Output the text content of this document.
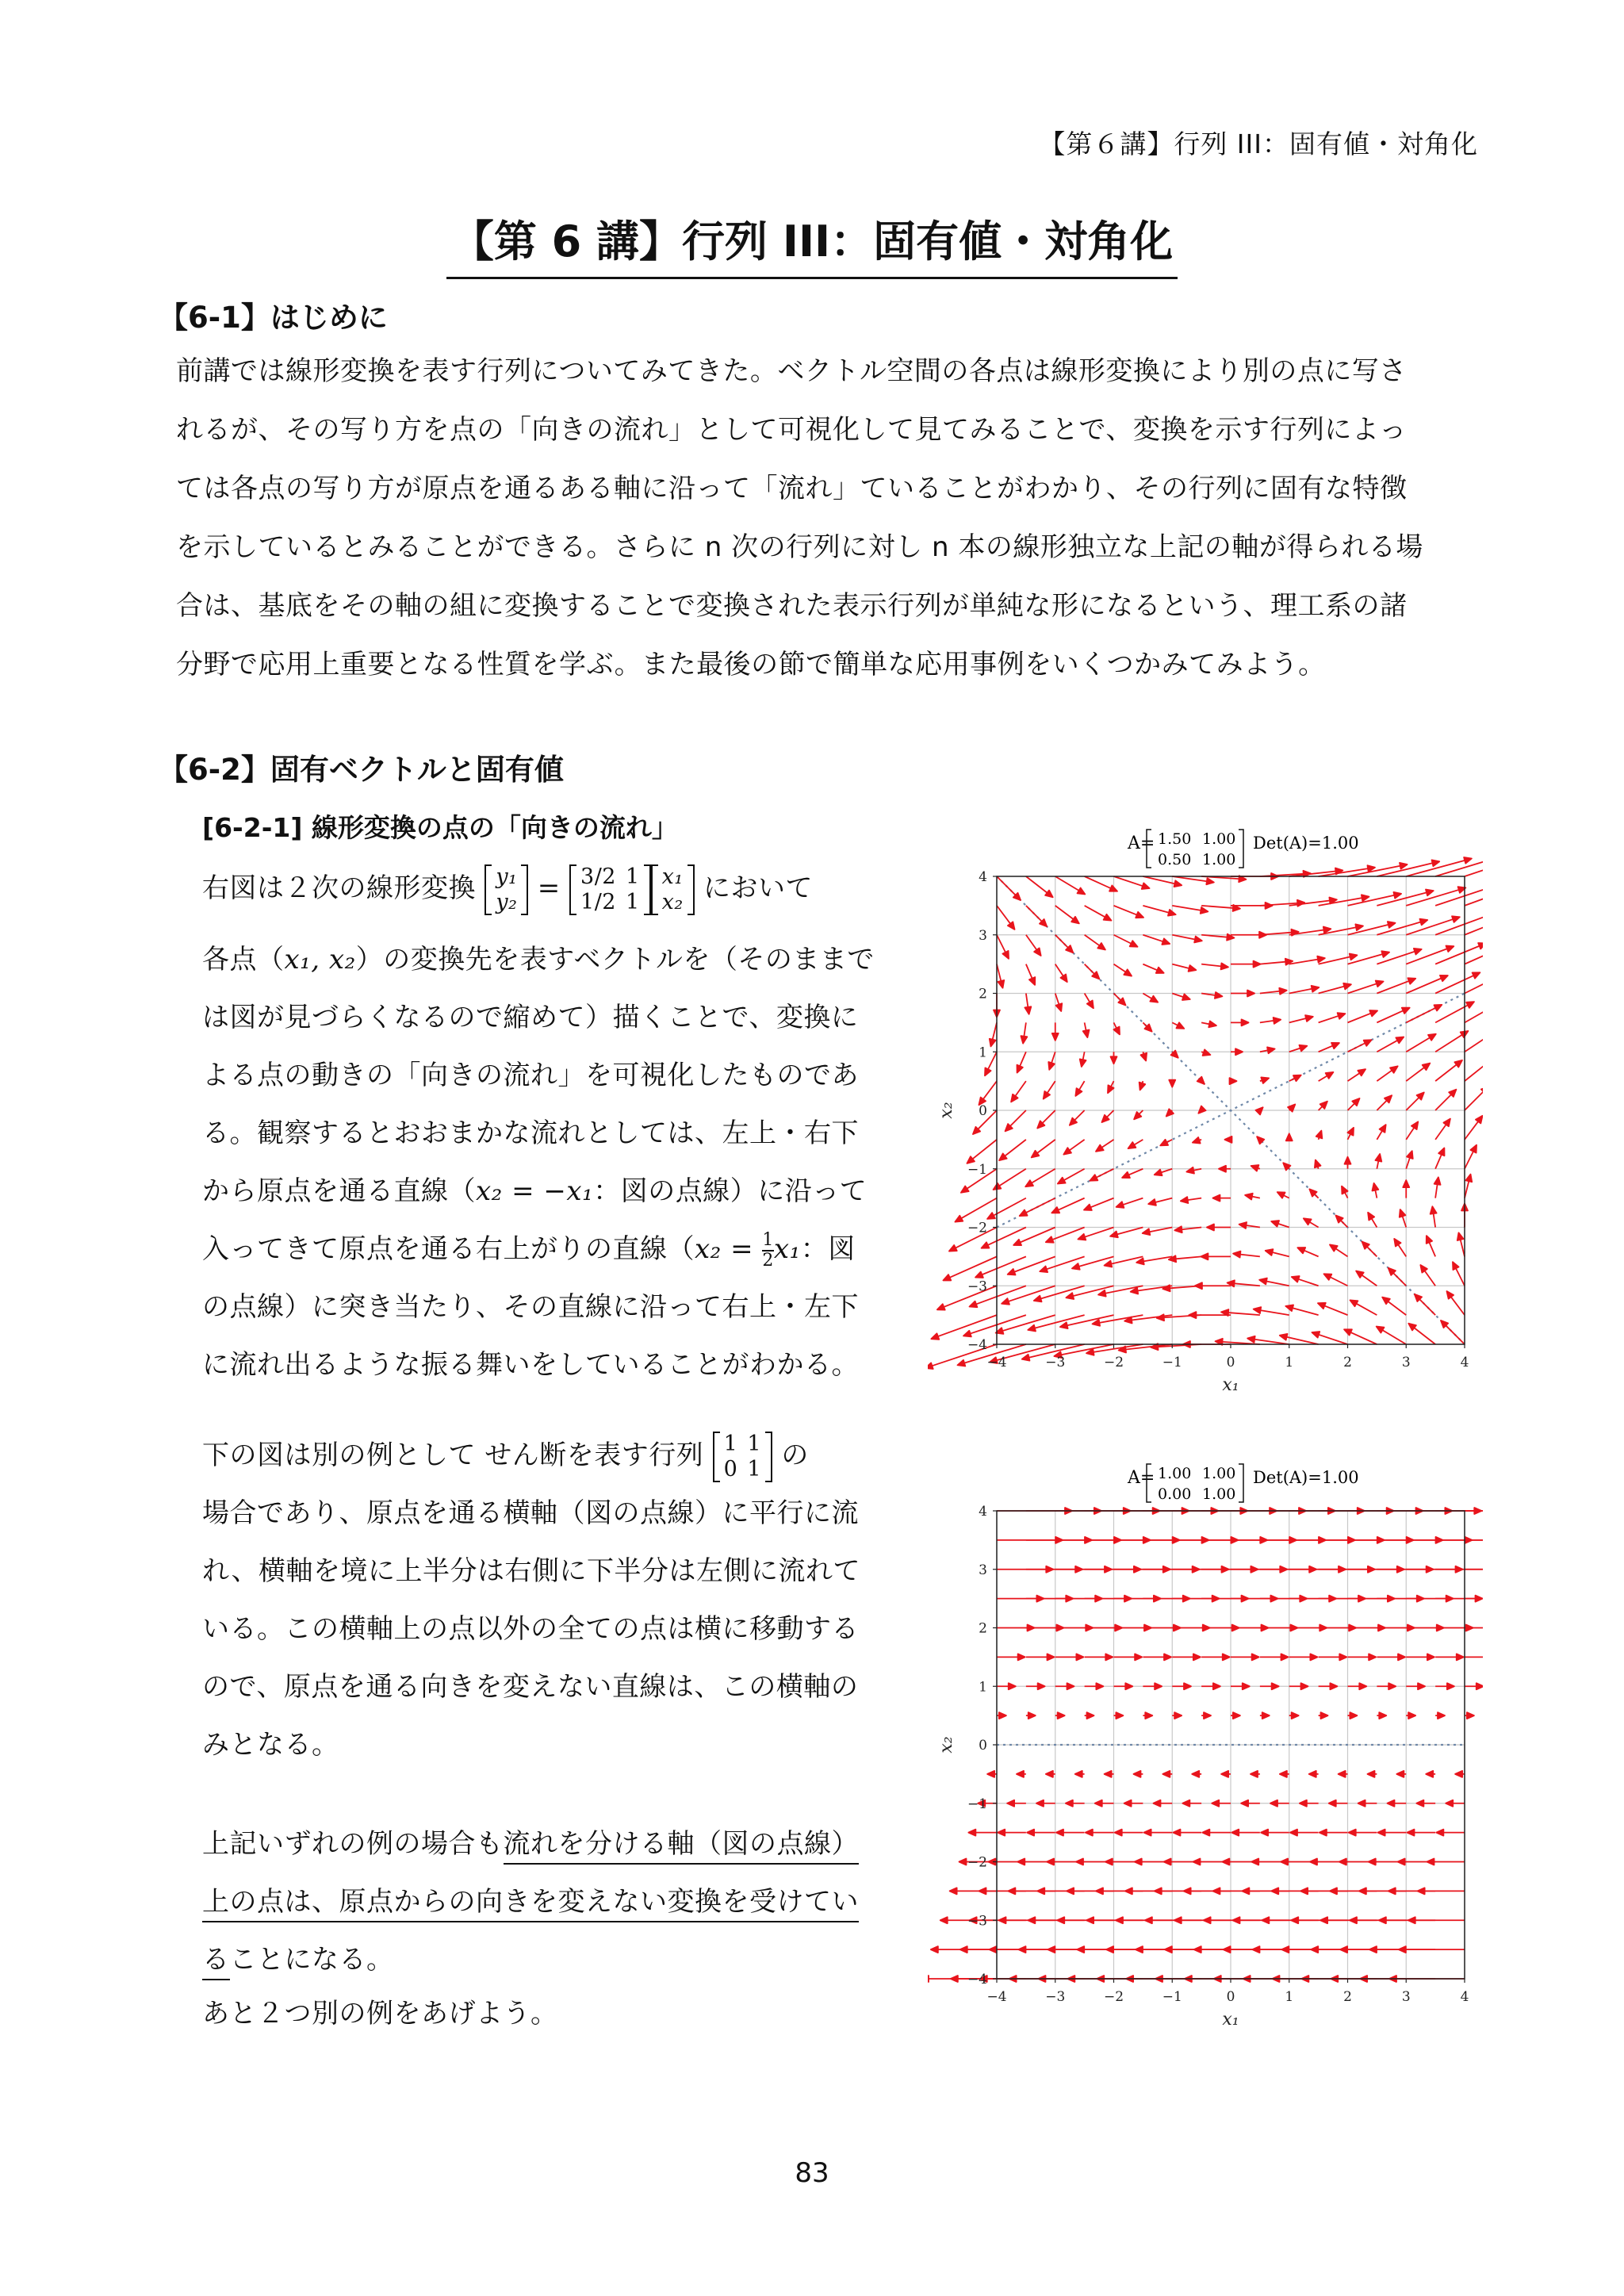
【第６講】行列 III：固有値・対角化
【第 6 講】行列 III：固有値・対角化
【6-1】はじめに
前講では線形変換を表す行列についてみてきた。ベクトル空間の各点は線形変換により別の点に写さ
れるが、その写り方を点の「向きの流れ」として可視化して見てみることで、変換を示す行列によっ
ては各点の写り方が原点を通るある軸に沿って「流れ」ていることがわかり、その行列に固有な特徴
を示しているとみることができる。さらに n 次の行列に対し n 本の線形独立な上記の軸が得られる場
合は、基底をその軸の組に変換することで変換された表示行列が単純な形になるという、理工系の諸
分野で応用上重要となる性質を学ぶ。また最後の節で簡単な応用事例をいくつかみてみよう。
【6-2】固有ベクトルと固有値
[6-2-1] 線形変換の点の「向きの流れ」
右図は２次の線形変換 y₁
y₂ = 3/2	1
1/2	1
x₁
x₂ において
各点（x₁, x₂）の変換先を表すベクトルを（そのままで
は図が見づらくなるので縮めて）描くことで、変換に
よる点の動きの「向きの流れ」を可視化したものであ
る。観察するとおおまかな流れとしては、左上・右下
から原点を通る直線（x₂ = −x₁：図の点線）に沿って
入ってきて原点を通る右上がりの直線（$x_2 = \frac{1}{2} x_1$：図
の点線）に突き当たり、その直線に沿って右上・左下
に流れ出るような振る舞いをしていることがわかる。
下の図は別の例として せん断を表す行列 1	1
0	1 の
場合であり、原点を通る横軸（図の点線）に平行に流
れ、横軸を境に上半分は右側に下半分は左側に流れて
いる。この横軸上の点以外の全ての点は横に移動する
ので、原点を通る向きを変えない直線は、この横軸の
みとなる。
上記いずれの例の場合も流れを分ける軸（図の点線）
上の点は、原点からの向きを変えない変換を受けてい
ることになる。
あと２つ別の例をあげよう。
A= 1.50 1.00
0.50 1.00
Det(A)=1.00
−4	−3	−2	−1	0	1	2	3	4
−4
−3
−2
−1
0
1
2
3
4
x₁
x₂
A= 1.00 1.00
0.00 1.00
Det(A)=1.00
−4	−3	−2	−1	0	1	2	3	4
−4
−3
−2
−1
0
1
2
3
4
x₁
x₂
83
